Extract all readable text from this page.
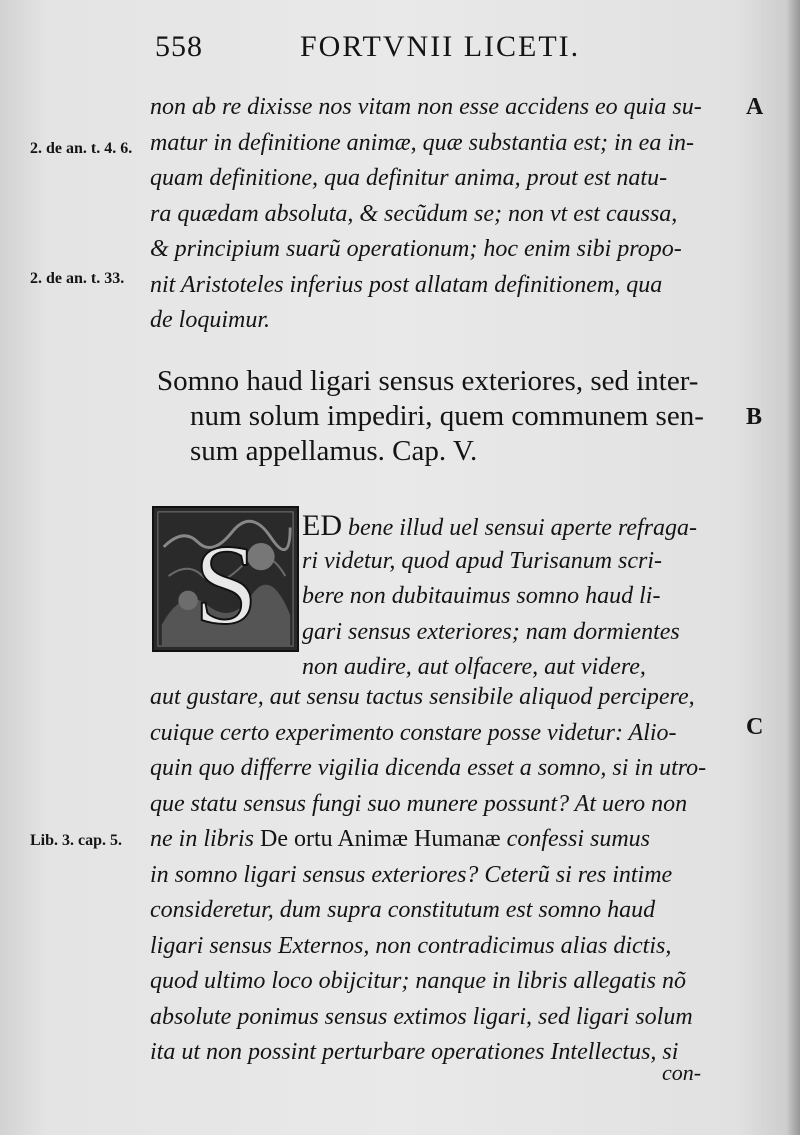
558	FORTVNII LICETI.
A
B
C
2. de an. t. 4. 6.
2. de an. t. 33.
Lib. 3. cap. 5.
non ab re dixisse nos vitam non esse accidens eo quia su-
matur in definitione animæ, quæ substantia est; in ea in-
quam definitione, qua definitur anima, prout est natu-
ra quædam absoluta, & secũdum se; non vt est caussa,
& principium suarũ operationum; hoc enim sibi propo-
nit Aristoteles inferius post allatam definitionem, qua
de loquimur.
Somno haud ligari sensus exteriores, sed inter-
num solum impediri, quem communem sen-
sum appellamus. Cap. V.
S ED bene illud uel sensui aperte refraga-
ri videtur, quod apud Turisanum scri-
bere non dubitauimus somno haud li-
gari sensus exteriores; nam dormientes
non audire, aut olfacere, aut videre,
aut gustare, aut sensu tactus sensibile aliquod percipere,
cuique certo experimento constare posse videtur: Alio-
quin quo differre vigilia dicenda esset a somno, si in utro-
que statu sensus fungi suo munere possunt? At uero non
ne in libris De ortu Animæ Humanæ confessi sumus
in somno ligari sensus exteriores? Ceterũ si res intime
consideretur, dum supra constitutum est somno haud
ligari sensus Externos, non contradicimus alias dictis,
quod ultimo loco obijcitur; nanque in libris allegatis nõ
absolute ponimus sensus extimos ligari, sed ligari solum
ita ut non possint perturbare operationes Intellectus, si
con-
